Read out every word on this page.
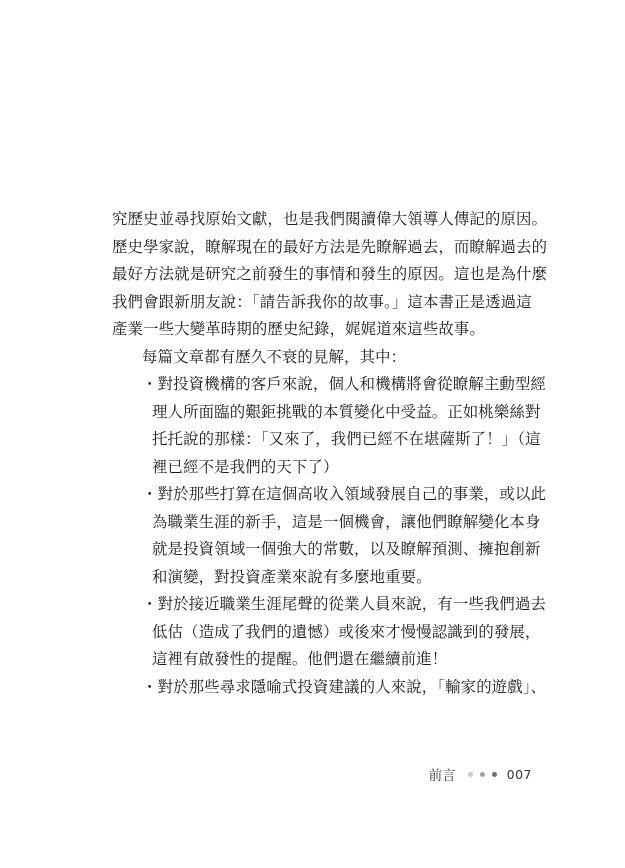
究歷史並尋找原始文獻，也是我們閱讀偉大領導人傳記的原因。
歷史學家說，瞭解現在的最好方法是先瞭解過去，而瞭解過去的
最好方法就是研究之前發生的事情和發生的原因。這也是為什麼
我們會跟新朋友說：「請告訴我你的故事。」這本書正是透過這
產業一些大變革時期的歷史紀錄，娓娓道來這些故事。
每篇文章都有歷久不衰的見解，其中：
・對投資機構的客戶來說，個人和機構將會從瞭解主動型經
理人所面臨的艱鉅挑戰的本質變化中受益。正如桃樂絲對
托托說的那樣：「又來了，我們已經不在堪薩斯了！」（這
裡已經不是我們的天下了）
・對於那些打算在這個高收入領域發展自己的事業，或以此
為職業生涯的新手，這是一個機會，讓他們瞭解變化本身
就是投資領域一個強大的常數，以及瞭解預測、擁抱創新
和演變，對投資產業來說有多麼地重要。
・對於接近職業生涯尾聲的從業人員來說，有一些我們過去
低估（造成了我們的遺憾）或後來才慢慢認識到的發展，
這裡有啟發性的提醒。他們還在繼續前進！
・對於那些尋求隱喻式投資建議的人來說，「輸家的遊戲」、
前言	007
